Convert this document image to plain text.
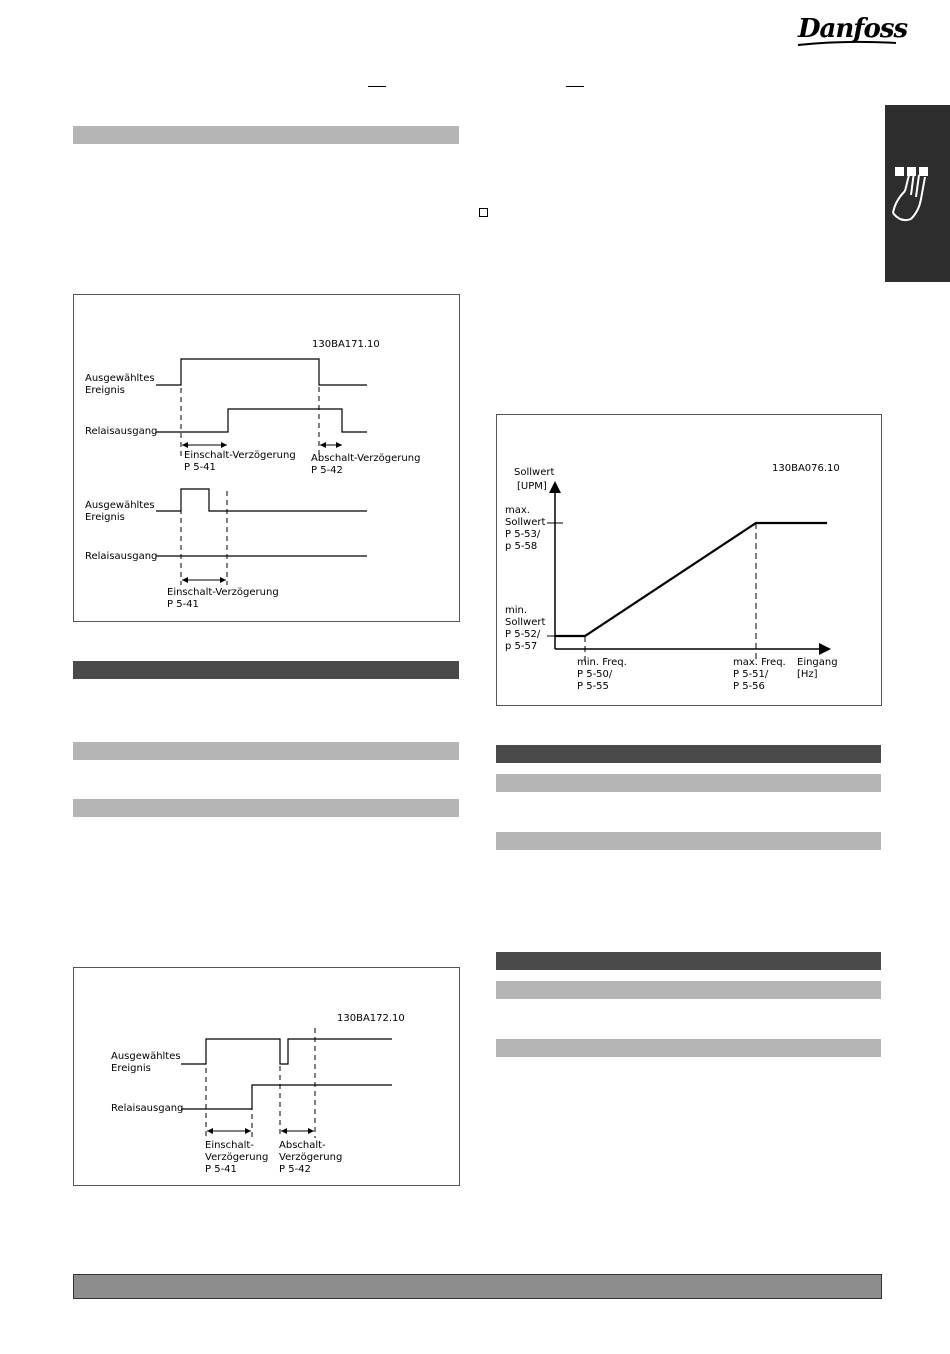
Danfoss
130BA171.10
Ausgewähltes
Ereignis
Relaisausgang
Einschalt-Verzögerung
P 5-41
Abschalt-Verzögerung
P 5-42
Ausgewähltes
Ereignis
Relaisausgang
Einschalt-Verzögerung
P 5-41
130BA172.10
Ausgewähltes
Ereignis
Relaisausgang
Einschalt-
Verzögerung
P 5-41
Abschalt-
Verzögerung
P 5-42
130BA076.10
Sollwert
[UPM]
max.
Sollwert
P 5-53/
p 5-58
min.
Sollwert
P 5-52/
p 5-57
min. Freq.
P 5-50/
P 5-55
max. Freq.
P 5-51/
P 5-56
Eingang
[Hz]
